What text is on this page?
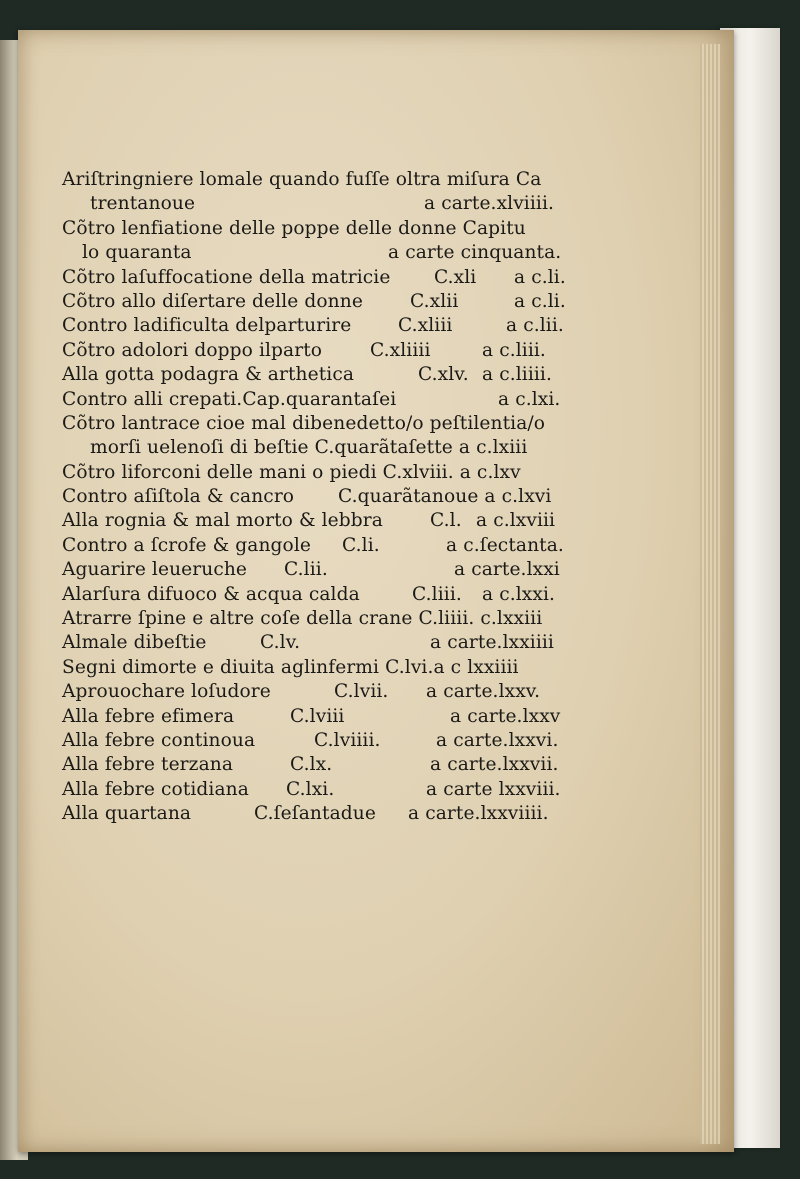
Ariſtringniere lomale quando fuſſe oltra miſura Ca
trentanoue	a carte.xlviiii.
Cõtro lenfiatione delle poppe delle donne Capitu
lo quaranta	a carte cinquanta.
Cõtro laſuffocatione della matricie C.xli a c.li.
Cõtro allo diſertare delle donne	C.xlii	a c.li.
Contro ladificulta delparturire	C.xliii	a c.lii.
Cõtro adolori doppo ilparto	C.xliiii	a c.liii.
Alla gotta podagra & arthetica	C.xlv. a c.liiii.
Contro alli crepati.Cap.quarantaſei	a c.lxi.
Cõtro lantrace cioe mal dibenedetto/o peſtilentia/o
morſi uelenoſi di beſtie C.quarãtaſette a c.lxiii
Cõtro liforconi delle mani o piedi C.xlviii. a c.lxv
Contro aſiſtola & cancro C.quarãtanoue a c.lxvi
Alla rognia & mal morto & lebbra	C.l. a c.lxviii
Contro a ſcrofe & gangole C.li.	a c.ſectanta.
Aguarire leueruche C.lii.	a carte.lxxi
Alarſura difuoco & acqua calda	C.liii. a c.lxxi.
Atrarre ſpine e altre coſe della crane C.liiii. c.lxxiii
Almale dibeſtie	C.lv.	a carte.lxxiiii
Segni dimorte e diuita aglinfermi C.lvi.a c lxxiiii
Aprouochare loſudore	C.lvii. a carte.lxxv.
Alla febre efimera	C.lviii	a carte.lxxv
Alla febre continoua	C.lviiii.	a carte.lxxvi.
Alla febre terzana	C.lx.	a carte.lxxvii.
Alla febre cotidiana C.lxi.	a carte lxxviii.
Alla quartana	C.ſeſantadue a carte.lxxviiii.
